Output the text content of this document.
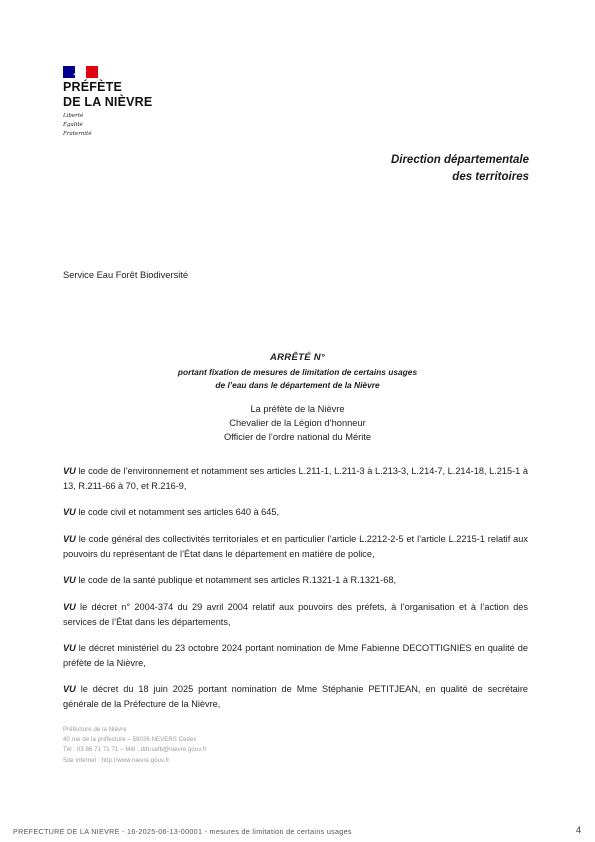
PRÉFÈTE
DE LA NIÈVRE
Liberté
Égalité
Fraternité
Direction départementale
des territoires
Service Eau Forêt Biodiversité
ARRÊTÉ N°
portant fixation de mesures de limitation de certains usages
de l’eau dans le département de la Nièvre
La préfète de la Nièvre
Chevalier de la Légion d’honneur
Officier de l’ordre national du Mérite
VU le code de l’environnement et notamment ses articles L.211-1, L.211-3 à L.213-3, L.214-7, L.214-18, L.215-1 à 13, R.211-66 à 70, et R.216-9,
VU le code civil et notamment ses articles 640 à 645,
VU le code général des collectivités territoriales et en particulier l’article L.2212-2-5 et l’article L.2215-1 relatif aux pouvoirs du représentant de l’État dans le département en matière de police,
VU le code de la santé publique et notamment ses articles R.1321-1 à R.1321-68,
VU le décret n° 2004-374 du 29 avril 2004 relatif aux pouvoirs des préfets, à l’organisation et à l’action des services de l’État dans les départements,
VU le décret ministériel du 23 octobre 2024 portant nomination de Mme Fabienne DECOTTIGNIES en qualité de préfète de la Nièvre,
VU le décret du 18 juin 2025 portant nomination de Mme Stéphanie PETITJEAN, en qualité de secrétaire générale de la Préfecture de la Nièvre,
Préfecture de la Nièvre
40 rue de la préfecture – 58026 NEVERS Cedex
Tél : 03 86 71 71 71 – Mél : ddt-sefb@nievre.gouv.fr
Site internet : http://www.nievre.gouv.fr
PREFECTURE DE LA NIEVRE - 16-2025-06-13-00001 - mesures de limitation de certains usages	4
